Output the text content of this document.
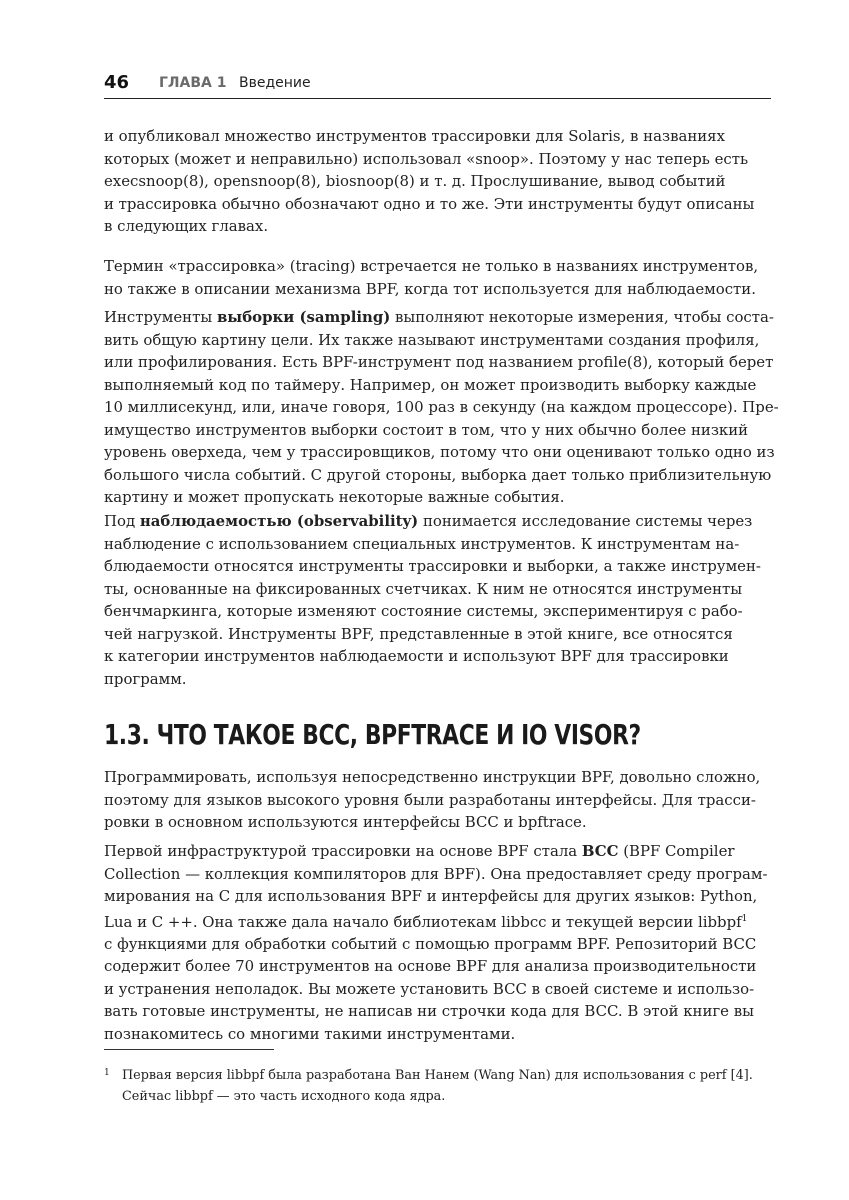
46 ГЛАВА 1 Введение
и опубликовал множество инструментов трассировки для Solaris, в названиях
которых (может и неправильно) использовал «snoop». Поэтому у нас теперь есть
execsnoop(8), opensnoop(8), biosnoop(8) и т. д. Прослушивание, вывод событий
и трассировка обычно обозначают одно и то же. Эти инструменты будут описаны
в следующих главах.
Термин «трассировка» (tracing) встречается не только в названиях инструментов,
но также в описании механизма BPF, когда тот используется для наблюдаемости.
Инструменты выборки (sampling) выполняют некоторые измерения, чтобы соста-
вить общую картину цели. Их также называют инструментами создания профиля,
или профилирования. Есть BPF-инструмент под названием profile(8), который берет
выполняемый код по таймеру. Например, он может производить выборку каждые
10 миллисекунд, или, иначе говоря, 100 раз в секунду (на каждом процессоре). Пре-
имущество инструментов выборки состоит в том, что у них обычно более низкий
уровень оверхеда, чем у трассировщиков, потому что они оценивают только одно из
большого числа событий. С другой стороны, выборка дает только приблизительную
картину и может пропускать некоторые важные события.
Под наблюдаемостью (observability) понимается исследование системы через
наблюдение с использованием специальных инструментов. К инструментам на-
блюдаемости относятся инструменты трассировки и выборки, а также инструмен-
ты, основанные на фиксированных счетчиках. К ним не относятся инструменты
бенчмаркинга, которые изменяют состояние системы, экспериментируя с рабо-
чей нагрузкой. Инструменты BPF, представленные в этой книге, все относятся
к категории инструментов наблюдаемости и используют BPF для трассировки
программ.
1.3. ЧТО ТАКОЕ BCC, BPFTRACE И IO VISOR?
Программировать, используя непосредственно инструкции BPF, довольно сложно,
поэтому для языков высокого уровня были разработаны интерфейсы. Для трасси-
ровки в основном используются интерфейсы BCC и bpftrace.
Первой инфраструктурой трассировки на основе BPF стала BCC (BPF Compiler
Collection — коллекция компиляторов для BPF). Она предоставляет среду програм-
мирования на C для использования BPF и интерфейсы для других языков: Python,
Lua и C ++. Она также дала начало библиотекам libbcc и текущей версии libbpf$^1$
с функциями для обработки событий с помощью программ BPF. Репозиторий BCC
содержит более 70 инструментов на основе BPF для анализа производительности
и устранения неполадок. Вы можете установить BCC в своей системе и использо-
вать готовые инструменты, не написав ни строчки кода для BCC. В этой книге вы
познакомитесь со многими такими инструментами.
1 Первая версия libbpf была разработана Ван Нанем (Wang Nan) для использования с perf [4].
Сейчас libbpf — это часть исходного кода ядра.
